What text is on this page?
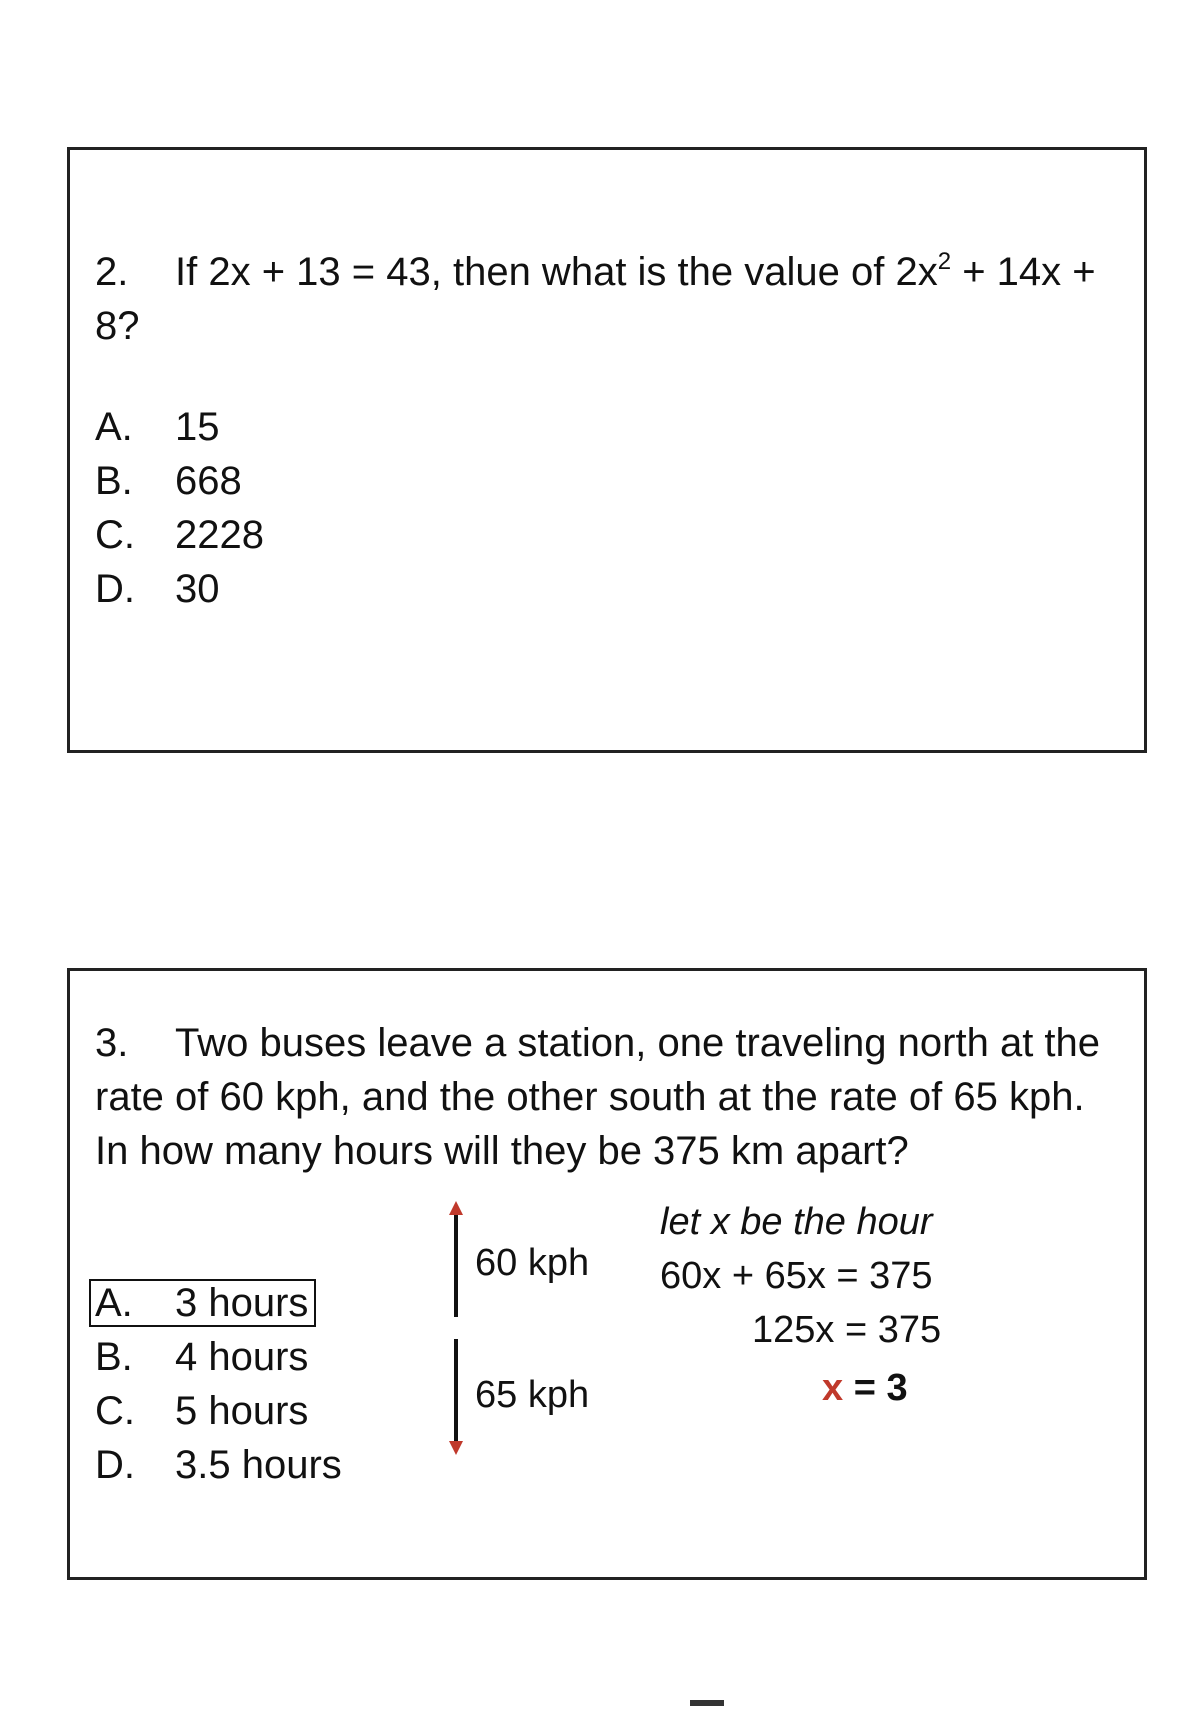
2. If 2x + 13 = 43, then what is the value of $2x^2 + 14x + 8$?
A. 15
B. 668
C. 2228
D. 30
3. Two buses leave a station, one traveling north at the rate of 60 kph, and the other south at the rate of 65 kph. In how many hours will they be 375 km apart?
A. 3 hours
B. 4 hours
C. 5 hours
D. 3.5 hours
60 kph
65 kph
let x be the hour
60x + 65x = 375
125x = 375
x = 3
